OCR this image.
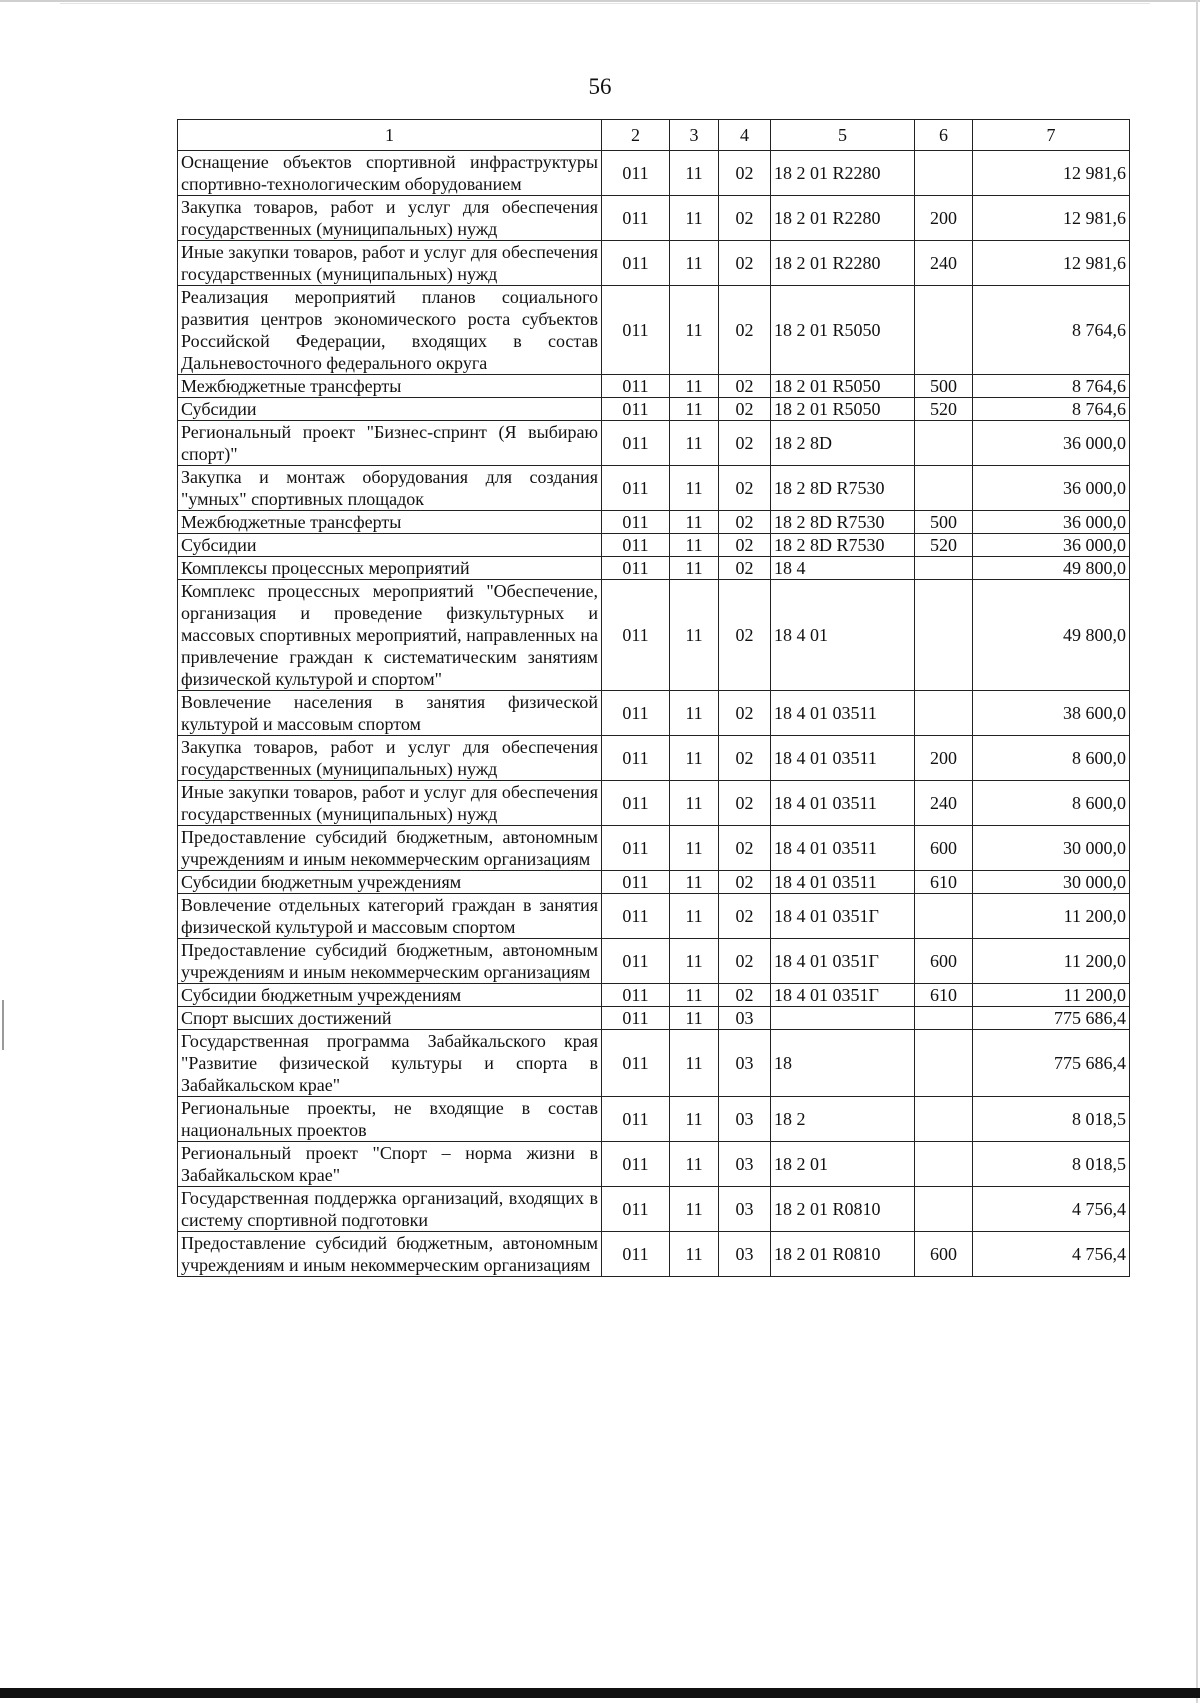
56
1	2	3	4	5	6	7
Оснащение объектов спортивной инфраструктуры спортивно-технологическим оборудованием	011	11	02	18 2 01 R2280		12 981,6
Закупка товаров, работ и услуг для обеспечения государственных (муниципальных) нужд	011	11	02	18 2 01 R2280	200	12 981,6
Иные закупки товаров, работ и услуг для обеспечения государственных (муниципальных) нужд	011	11	02	18 2 01 R2280	240	12 981,6
Реализация мероприятий планов социального развития центров экономического роста субъектов Российской Федерации, входящих в состав Дальневосточного федерального округа	011	11	02	18 2 01 R5050		8 764,6
Межбюджетные трансферты	011	11	02	18 2 01 R5050	500	8 764,6
Субсидии	011	11	02	18 2 01 R5050	520	8 764,6
Региональный проект "Бизнес-спринт (Я выбираю спорт)"	011	11	02	18 2 8D		36 000,0
Закупка и монтаж оборудования для создания "умных" спортивных площадок	011	11	02	18 2 8D R7530		36 000,0
Межбюджетные трансферты	011	11	02	18 2 8D R7530	500	36 000,0
Субсидии	011	11	02	18 2 8D R7530	520	36 000,0
Комплексы процессных мероприятий	011	11	02	18 4		49 800,0
Комплекс процессных мероприятий "Обеспечение, организация и проведение физкультурных и массовых спортивных мероприятий, направленных на привлечение граждан к систематическим занятиям физической культурой и спортом"	011	11	02	18 4 01		49 800,0
Вовлечение населения в занятия физической культурой и массовым спортом	011	11	02	18 4 01 03511		38 600,0
Закупка товаров, работ и услуг для обеспечения государственных (муниципальных) нужд	011	11	02	18 4 01 03511	200	8 600,0
Иные закупки товаров, работ и услуг для обеспечения государственных (муниципальных) нужд	011	11	02	18 4 01 03511	240	8 600,0
Предоставление субсидий бюджетным, автономным учреждениям и иным некоммерческим организациям	011	11	02	18 4 01 03511	600	30 000,0
Субсидии бюджетным учреждениям	011	11	02	18 4 01 03511	610	30 000,0
Вовлечение отдельных категорий граждан в занятия физической культурой и массовым спортом	011	11	02	18 4 01 0351Г		11 200,0
Предоставление субсидий бюджетным, автономным учреждениям и иным некоммерческим организациям	011	11	02	18 4 01 0351Г	600	11 200,0
Субсидии бюджетным учреждениям	011	11	02	18 4 01 0351Г	610	11 200,0
Спорт высших достижений	011	11	03			775 686,4
Государственная программа Забайкальского края "Развитие физической культуры и спорта в Забайкальском крае"	011	11	03	18		775 686,4
Региональные проекты, не входящие в состав национальных проектов	011	11	03	18 2		8 018,5
Региональный проект "Спорт – норма жизни в Забайкальском крае"	011	11	03	18 2 01		8 018,5
Государственная поддержка организаций, входящих в систему спортивной подготовки	011	11	03	18 2 01 R0810		4 756,4
Предоставление субсидий бюджетным, автономным учреждениям и иным некоммерческим организациям	011	11	03	18 2 01 R0810	600	4 756,4
